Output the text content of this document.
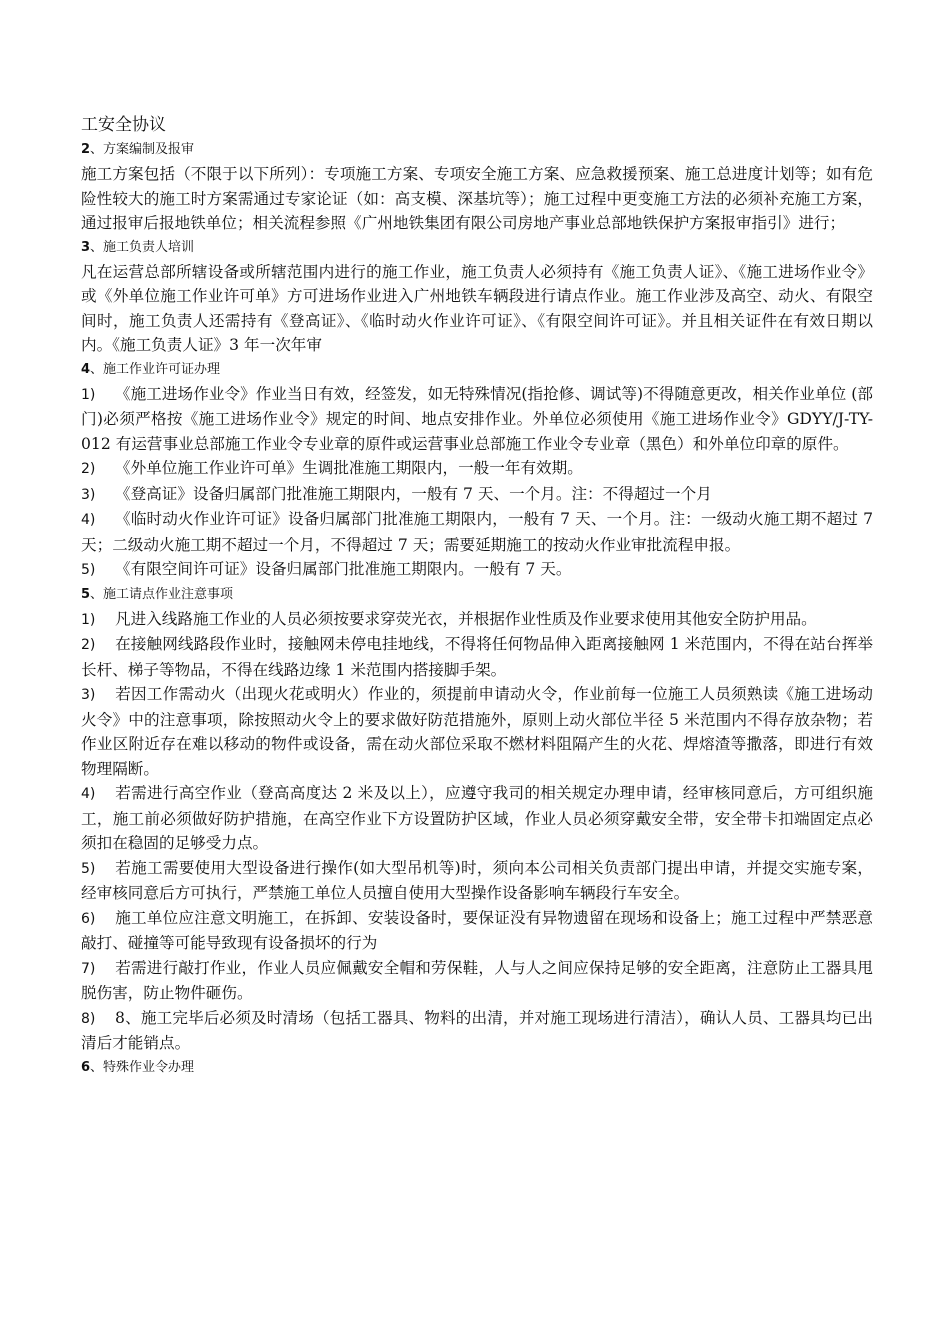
工安全协议

2、方案编制及报审

施工方案包括（不限于以下所列）：专项施工方案、专项安全施工方案、应急救援预案、施工总进度计划等；如有危险性较大的施工时方案需通过专家论证（如：高支模、深基坑等）；施工过程中更变施工方法的必须补充施工方案，通过报审后报地铁单位；相关流程参照《广州地铁集团有限公司房地产事业总部地铁保护方案报审指引》进行；

3、施工负责人培训

凡在运营总部所辖设备或所辖范围内进行的施工作业，施工负责人必须持有《施工负责人证》、《施工进场作业令》或《外单位施工作业许可单》方可进场作业进入广州地铁车辆段进行请点作业。施工作业涉及高空、动火、有限空间时，施工负责人还需持有《登高证》、《临时动火作业许可证》、《有限空间许可证》。并且相关证件在有效日期以内。《施工负责人证》3 年一次年审

4、施工作业许可证办理

1) 《施工进场作业令》作业当日有效，经签发，如无特殊情况(指抢修、调试等)不得随意更改，相关作业单位 (部门)必须严格按《施工进场作业令》规定的时间、地点安排作业。外单位必须使用《施工进场作业令》GDYY/J-TY-012 有运营事业总部施工作业令专业章的原件或运营事业总部施工作业令专业章（黑色）和外单位印章的原件。

2) 《外单位施工作业许可单》生调批准施工期限内，一般一年有效期。

3) 《登高证》设备归属部门批准施工期限内，一般有 7 天、一个月。注：不得超过一个月

4) 《临时动火作业许可证》设备归属部门批准施工期限内，一般有 7 天、一个月。注：一级动火施工期不超过 7 天；二级动火施工期不超过一个月，不得超过 7 天；需要延期施工的按动火作业审批流程申报。

5) 《有限空间许可证》设备归属部门批准施工期限内。一般有 7 天。

5、施工请点作业注意事项

1) 凡进入线路施工作业的人员必须按要求穿荧光衣，并根据作业性质及作业要求使用其他安全防护用品。

2) 在接触网线路段作业时，接触网未停电挂地线，不得将任何物品伸入距离接触网 1 米范围内，不得在站台挥举长杆、梯子等物品，不得在线路边缘 1 米范围内搭接脚手架。

3) 若因工作需动火（出现火花或明火）作业的，须提前申请动火令，作业前每一位施工人员须熟读《施工进场动火令》中的注意事项，除按照动火令上的要求做好防范措施外，原则上动火部位半径 5 米范围内不得存放杂物；若作业区附近存在难以移动的物件或设备，需在动火部位采取不燃材料阻隔产生的火花、焊熔渣等撒落，即进行有效物理隔断。

4) 若需进行高空作业（登高高度达 2 米及以上），应遵守我司的相关规定办理申请，经审核同意后，方可组织施工，施工前必须做好防护措施，在高空作业下方设置防护区域，作业人员必须穿戴安全带，安全带卡扣端固定点必须扣在稳固的足够受力点。

5) 若施工需要使用大型设备进行操作(如大型吊机等)时，须向本公司相关负责部门提出申请，并提交实施专案，经审核同意后方可执行，严禁施工单位人员擅自使用大型操作设备影响车辆段行车安全。

6) 施工单位应注意文明施工，在拆卸、安装设备时，要保证没有异物遗留在现场和设备上；施工过程中严禁恶意敲打、碰撞等可能导致现有设备损坏的行为

7) 若需进行敲打作业，作业人员应佩戴安全帽和劳保鞋，人与人之间应保持足够的安全距离，注意防止工器具甩脱伤害，防止物件砸伤。

8) 8、施工完毕后必须及时清场（包括工器具、物料的出清，并对施工现场进行清洁），确认人员、工器具均已出清后才能销点。

6、特殊作业令办理
